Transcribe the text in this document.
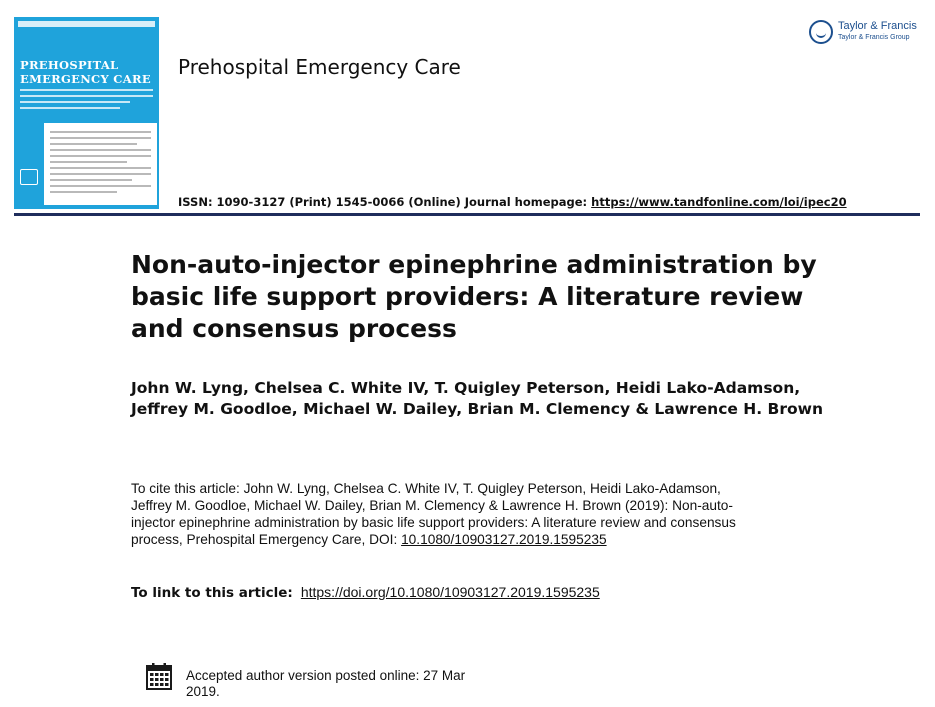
PREHOSPITAL
EMERGENCY CARE Prehospital Emergency Care
Taylor & Francis
Taylor & Francis Group
ISSN: 1090-3127 (Print) 1545-0066 (Online) Journal homepage: https://www.tandfonline.com/loi/ipec20
Non-auto-injector epinephrine administration by basic life support providers: A literature review and consensus process
John W. Lyng, Chelsea C. White IV, T. Quigley Peterson, Heidi Lako-Adamson, Jeffrey M. Goodloe, Michael W. Dailey, Brian M. Clemency & Lawrence H. Brown
To cite this article: John W. Lyng, Chelsea C. White IV, T. Quigley Peterson, Heidi Lako-Adamson, Jeffrey M. Goodloe, Michael W. Dailey, Brian M. Clemency & Lawrence H. Brown (2019): Non-auto-injector epinephrine administration by basic life support providers: A literature review and consensus process, Prehospital Emergency Care, DOI: 10.1080/10903127.2019.1595235
To link to this article: https://doi.org/10.1080/10903127.2019.1595235
Accepted author version posted online: 27 Mar 2019.
